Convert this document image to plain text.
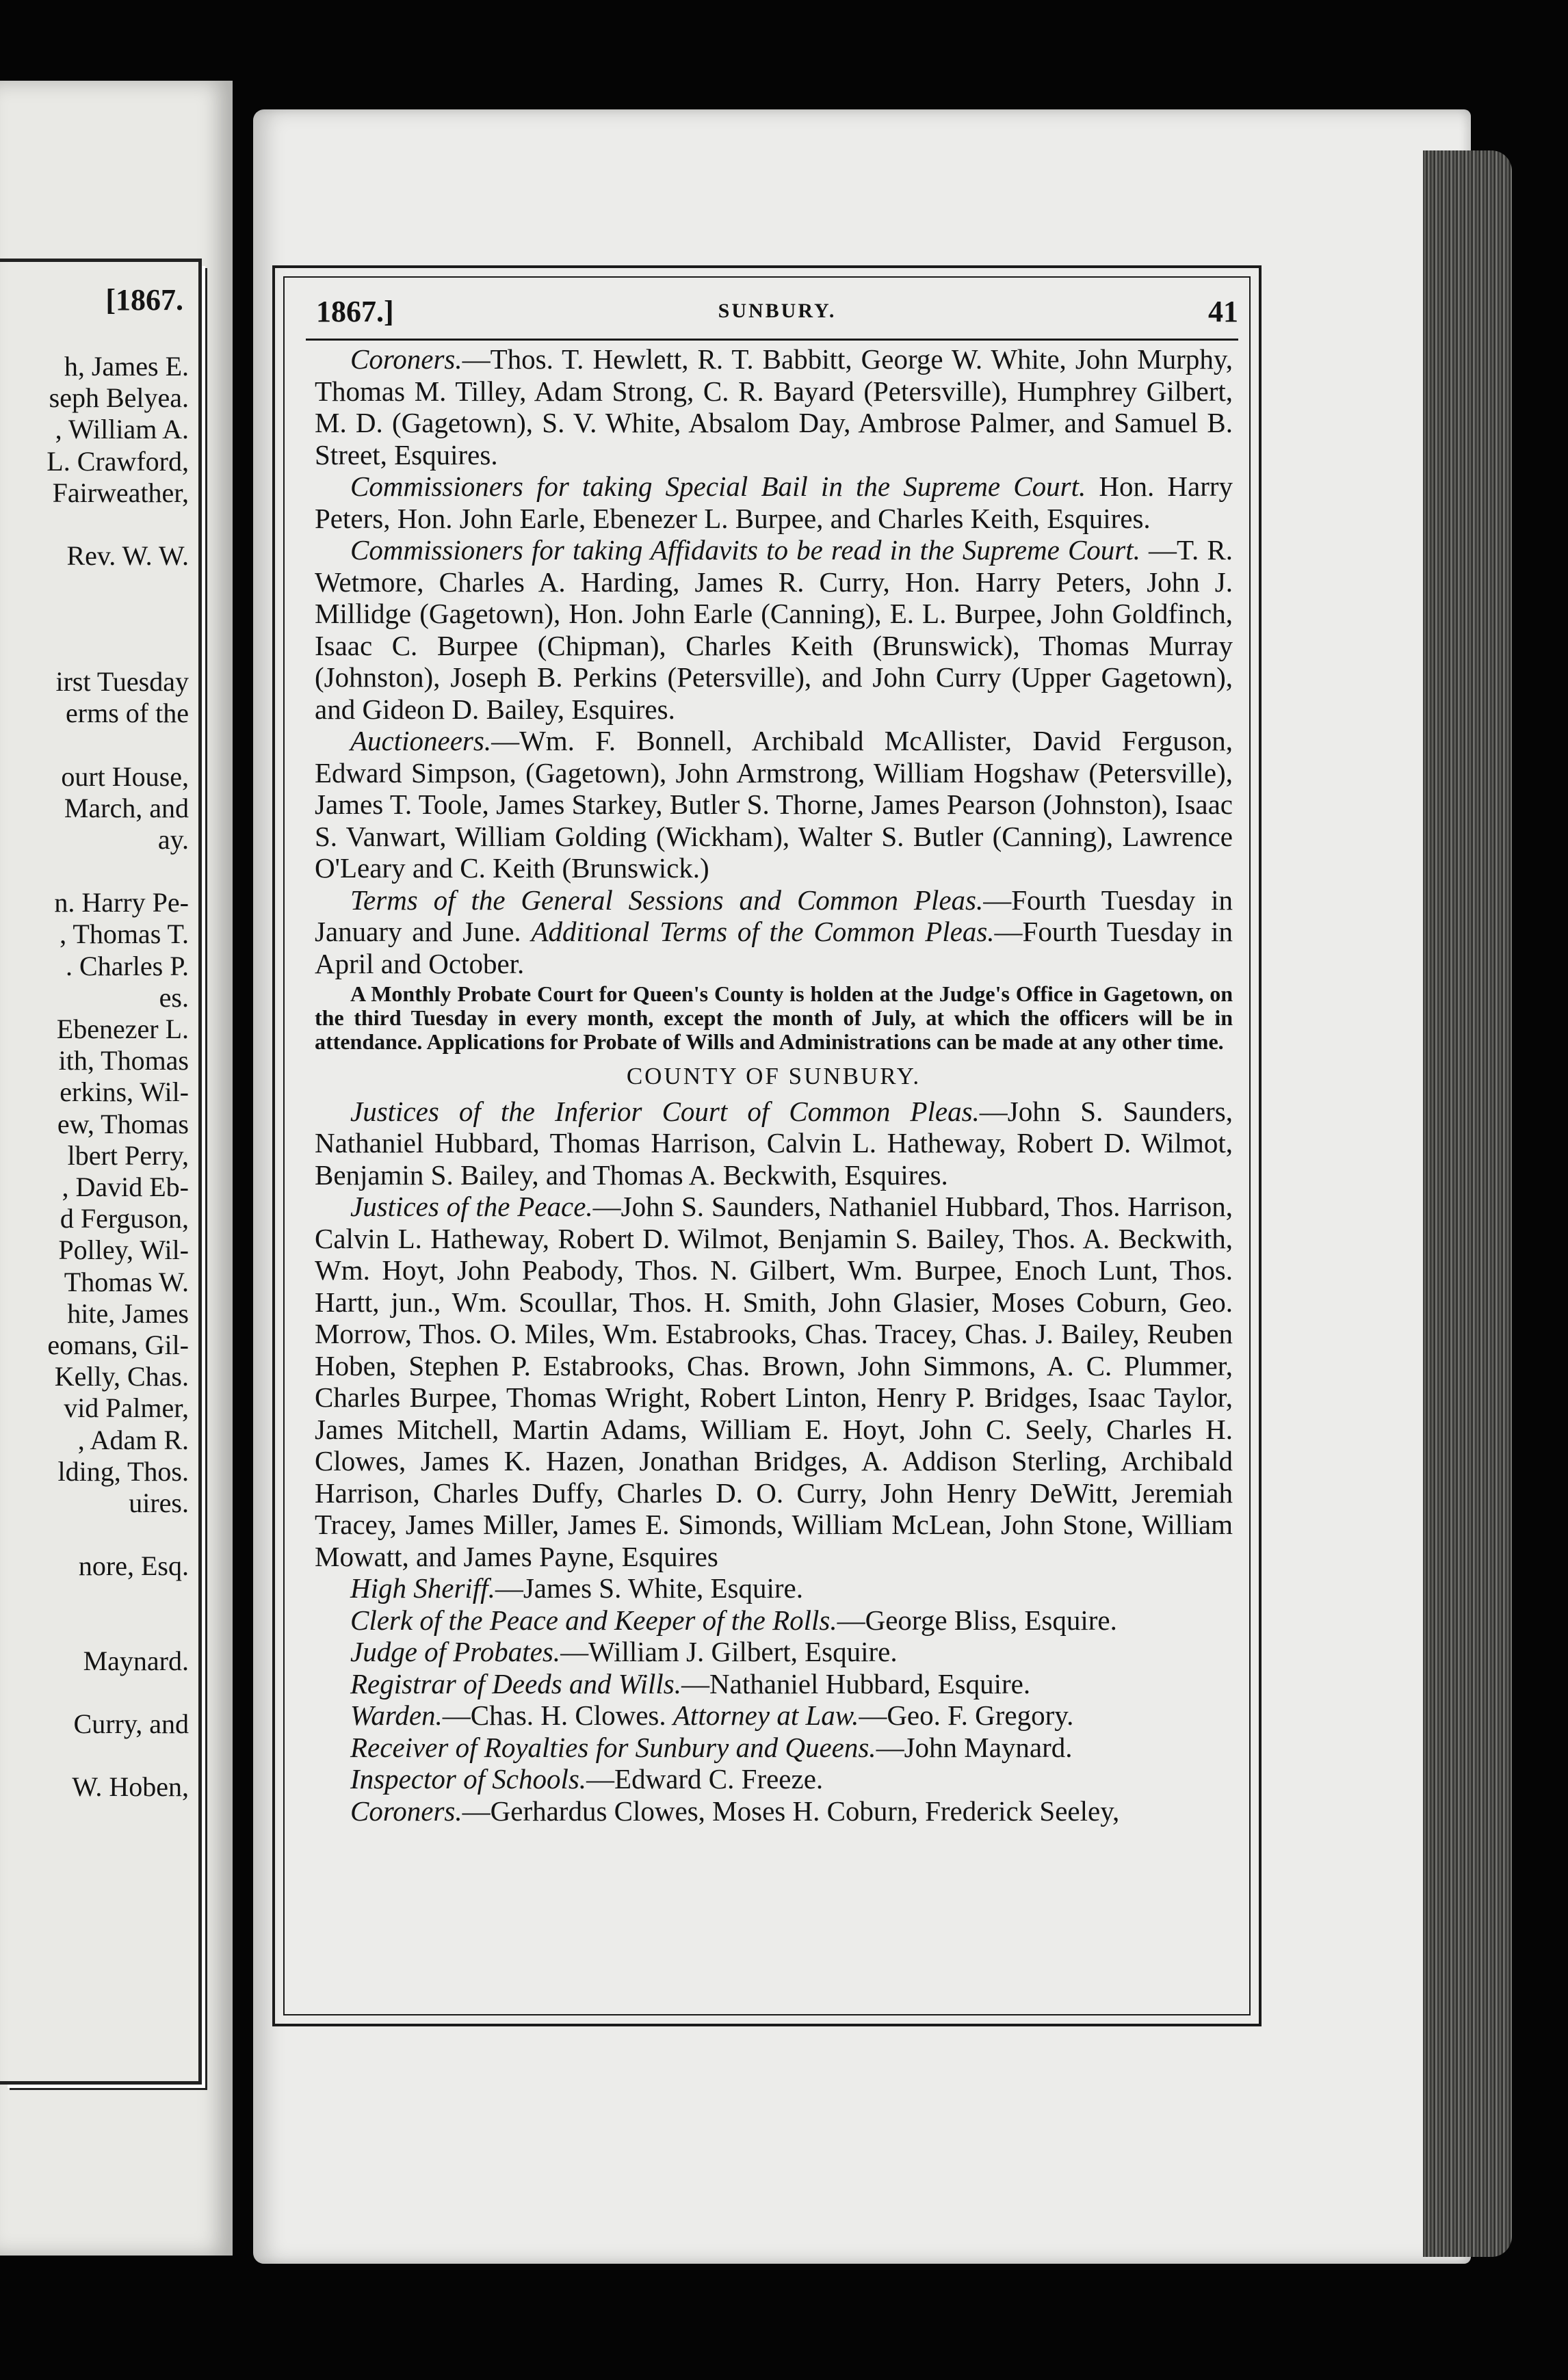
[1867.
h, James E.
seph Belyea.
, William A.
L. Crawford,
Fairweather,
Rev. W. W.
irst Tuesday
erms of the
ourt House,
March, and
ay.
n. Harry Pe-
, Thomas T.
. Charles P.
es.
Ebenezer L.
ith, Thomas
erkins, Wil-
ew, Thomas
lbert Perry,
, David Eb-
d Ferguson,
Polley, Wil-
Thomas W.
hite, James
eomans, Gil-
Kelly, Chas.
vid Palmer,
, Adam R.
lding, Thos.
uires.
nore, Esq.
Maynard.
Curry, and
W. Hoben,
1867.]	SUNBURY.	41

Coroners.—Thos. T. Hewlett, R. T. Babbitt, George W. White, John Murphy, Thomas M. Tilley, Adam Strong, C. R. Bayard (Petersville), Humphrey Gilbert, M. D. (Gagetown), S. V. White, Absalom Day, Ambrose Palmer, and Samuel B. Street, Esquires.

Commissioners for taking Special Bail in the Supreme Court. Hon. Harry Peters, Hon. John Earle, Ebenezer L. Burpee, and Charles Keith, Esquires.

Commissioners for taking Affidavits to be read in the Supreme Court. —T. R. Wetmore, Charles A. Harding, James R. Curry, Hon. Harry Peters, John J. Millidge (Gagetown), Hon. John Earle (Canning), E. L. Burpee, John Goldfinch, Isaac C. Burpee (Chipman), Charles Keith (Brunswick), Thomas Murray (Johnston), Joseph B. Perkins (Petersville), and John Curry (Upper Gagetown), and Gideon D. Bailey, Esquires.

Auctioneers.—Wm. F. Bonnell, Archibald McAllister, David Ferguson, Edward Simpson, (Gagetown), John Armstrong, William Hogshaw (Petersville), James T. Toole, James Starkey, Butler S. Thorne, James Pearson (Johnston), Isaac S. Vanwart, William Golding (Wickham), Walter S. Butler (Canning), Lawrence O'Leary and C. Keith (Brunswick.)

Terms of the General Sessions and Common Pleas.—Fourth Tuesday in January and June. Additional Terms of the Common Pleas.—Fourth Tuesday in April and October.

A Monthly Probate Court for Queen's County is holden at the Judge's Office in Gagetown, on the third Tuesday in every month, except the month of July, at which the officers will be in attendance. Applications for Probate of Wills and Administrations can be made at any other time.

COUNTY OF SUNBURY.

Justices of the Inferior Court of Common Pleas.—John S. Saunders, Nathaniel Hubbard, Thomas Harrison, Calvin L. Hatheway, Robert D. Wilmot, Benjamin S. Bailey, and Thomas A. Beckwith, Esquires.

Justices of the Peace.—John S. Saunders, Nathaniel Hubbard, Thos. Harrison, Calvin L. Hatheway, Robert D. Wilmot, Benjamin S. Bailey, Thos. A. Beckwith, Wm. Hoyt, John Peabody, Thos. N. Gilbert, Wm. Burpee, Enoch Lunt, Thos. Hartt, jun., Wm. Scoullar, Thos. H. Smith, John Glasier, Moses Coburn, Geo. Morrow, Thos. O. Miles, Wm. Estabrooks, Chas. Tracey, Chas. J. Bailey, Reuben Hoben, Stephen P. Estabrooks, Chas. Brown, John Simmons, A. C. Plummer, Charles Burpee, Thomas Wright, Robert Linton, Henry P. Bridges, Isaac Taylor, James Mitchell, Martin Adams, William E. Hoyt, John C. Seely, Charles H. Clowes, James K. Hazen, Jonathan Bridges, A. Addison Sterling, Archibald Harrison, Charles Duffy, Charles D. O. Curry, John Henry DeWitt, Jeremiah Tracey, James Miller, James E. Simonds, William McLean, John Stone, William Mowatt, and James Payne, Esquires

High Sheriff.—James S. White, Esquire.

Clerk of the Peace and Keeper of the Rolls.—George Bliss, Esquire.

Judge of Probates.—William J. Gilbert, Esquire.

Registrar of Deeds and Wills.—Nathaniel Hubbard, Esquire.

Warden.—Chas. H. Clowes. Attorney at Law.—Geo. F. Gregory.

Receiver of Royalties for Sunbury and Queens.—John Maynard.

Inspector of Schools.—Edward C. Freeze.

Coroners.—Gerhardus Clowes, Moses H. Coburn, Frederick Seeley,
